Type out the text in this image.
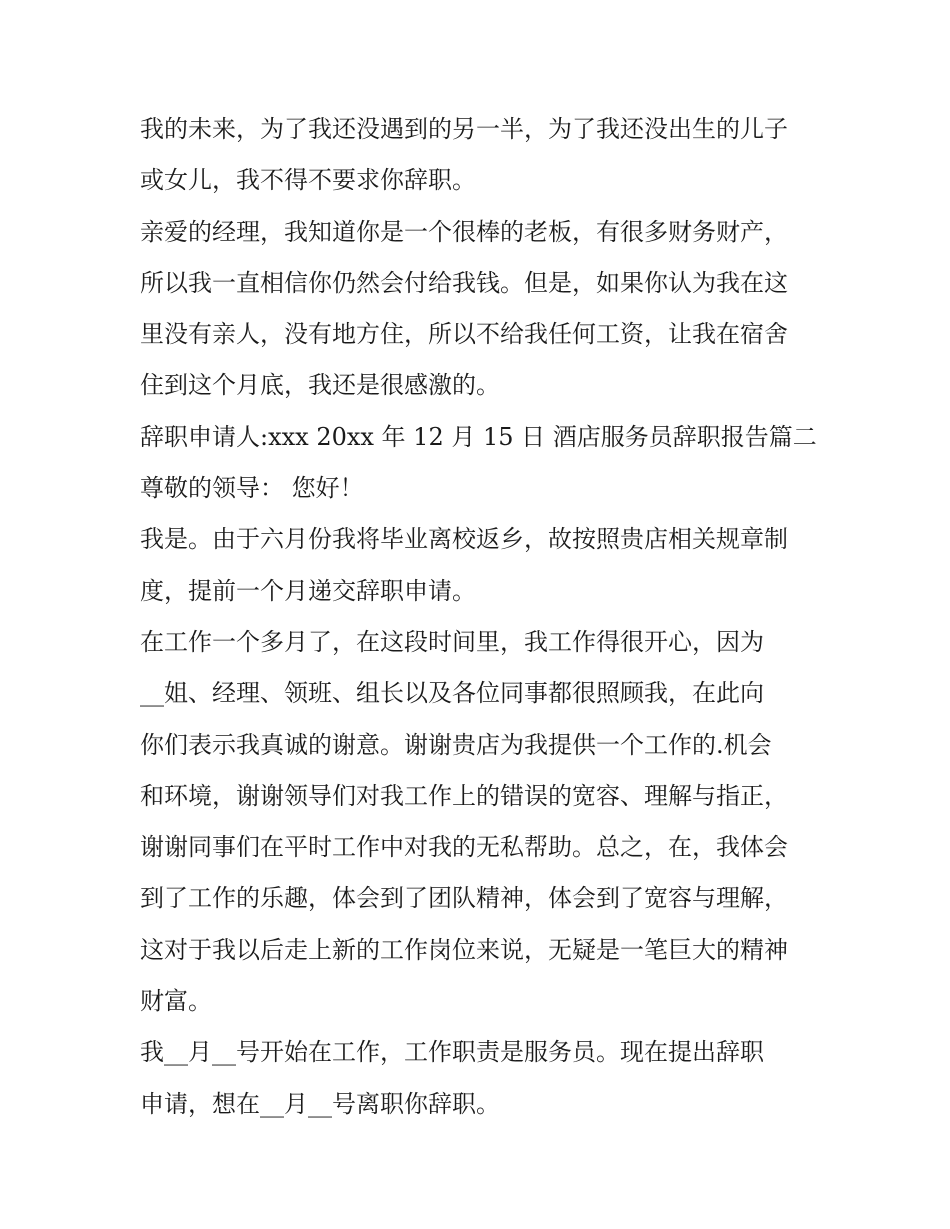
我的未来，为了我还没遇到的另一半，为了我还没出生的儿子
或女儿，我不得不要求你辞职。
亲爱的经理，我知道你是一个很棒的老板，有很多财务财产，
所以我一直相信你仍然会付给我钱。但是，如果你认为我在这
里没有亲人，没有地方住，所以不给我任何工资，让我在宿舍
住到这个月底，我还是很感激的。
辞职申请人:xxx 20xx 年 12 月 15 日 酒店服务员辞职报告篇二
尊敬的领导： 您好！
我是。由于六月份我将毕业离校返乡，故按照贵店相关规章制
度，提前一个月递交辞职申请。
在工作一个多月了，在这段时间里，我工作得很开心，因为
__姐、经理、领班、组长以及各位同事都很照顾我，在此向
你们表示我真诚的谢意。谢谢贵店为我提供一个工作的.机会
和环境，谢谢领导们对我工作上的错误的宽容、理解与指正，
谢谢同事们在平时工作中对我的无私帮助。总之，在，我体会
到了工作的乐趣，体会到了团队精神，体会到了宽容与理解，
这对于我以后走上新的工作岗位来说，无疑是一笔巨大的精神
财富。
我__月__号开始在工作，工作职责是服务员。现在提出辞职
申请，想在__月__号离职你辞职。
